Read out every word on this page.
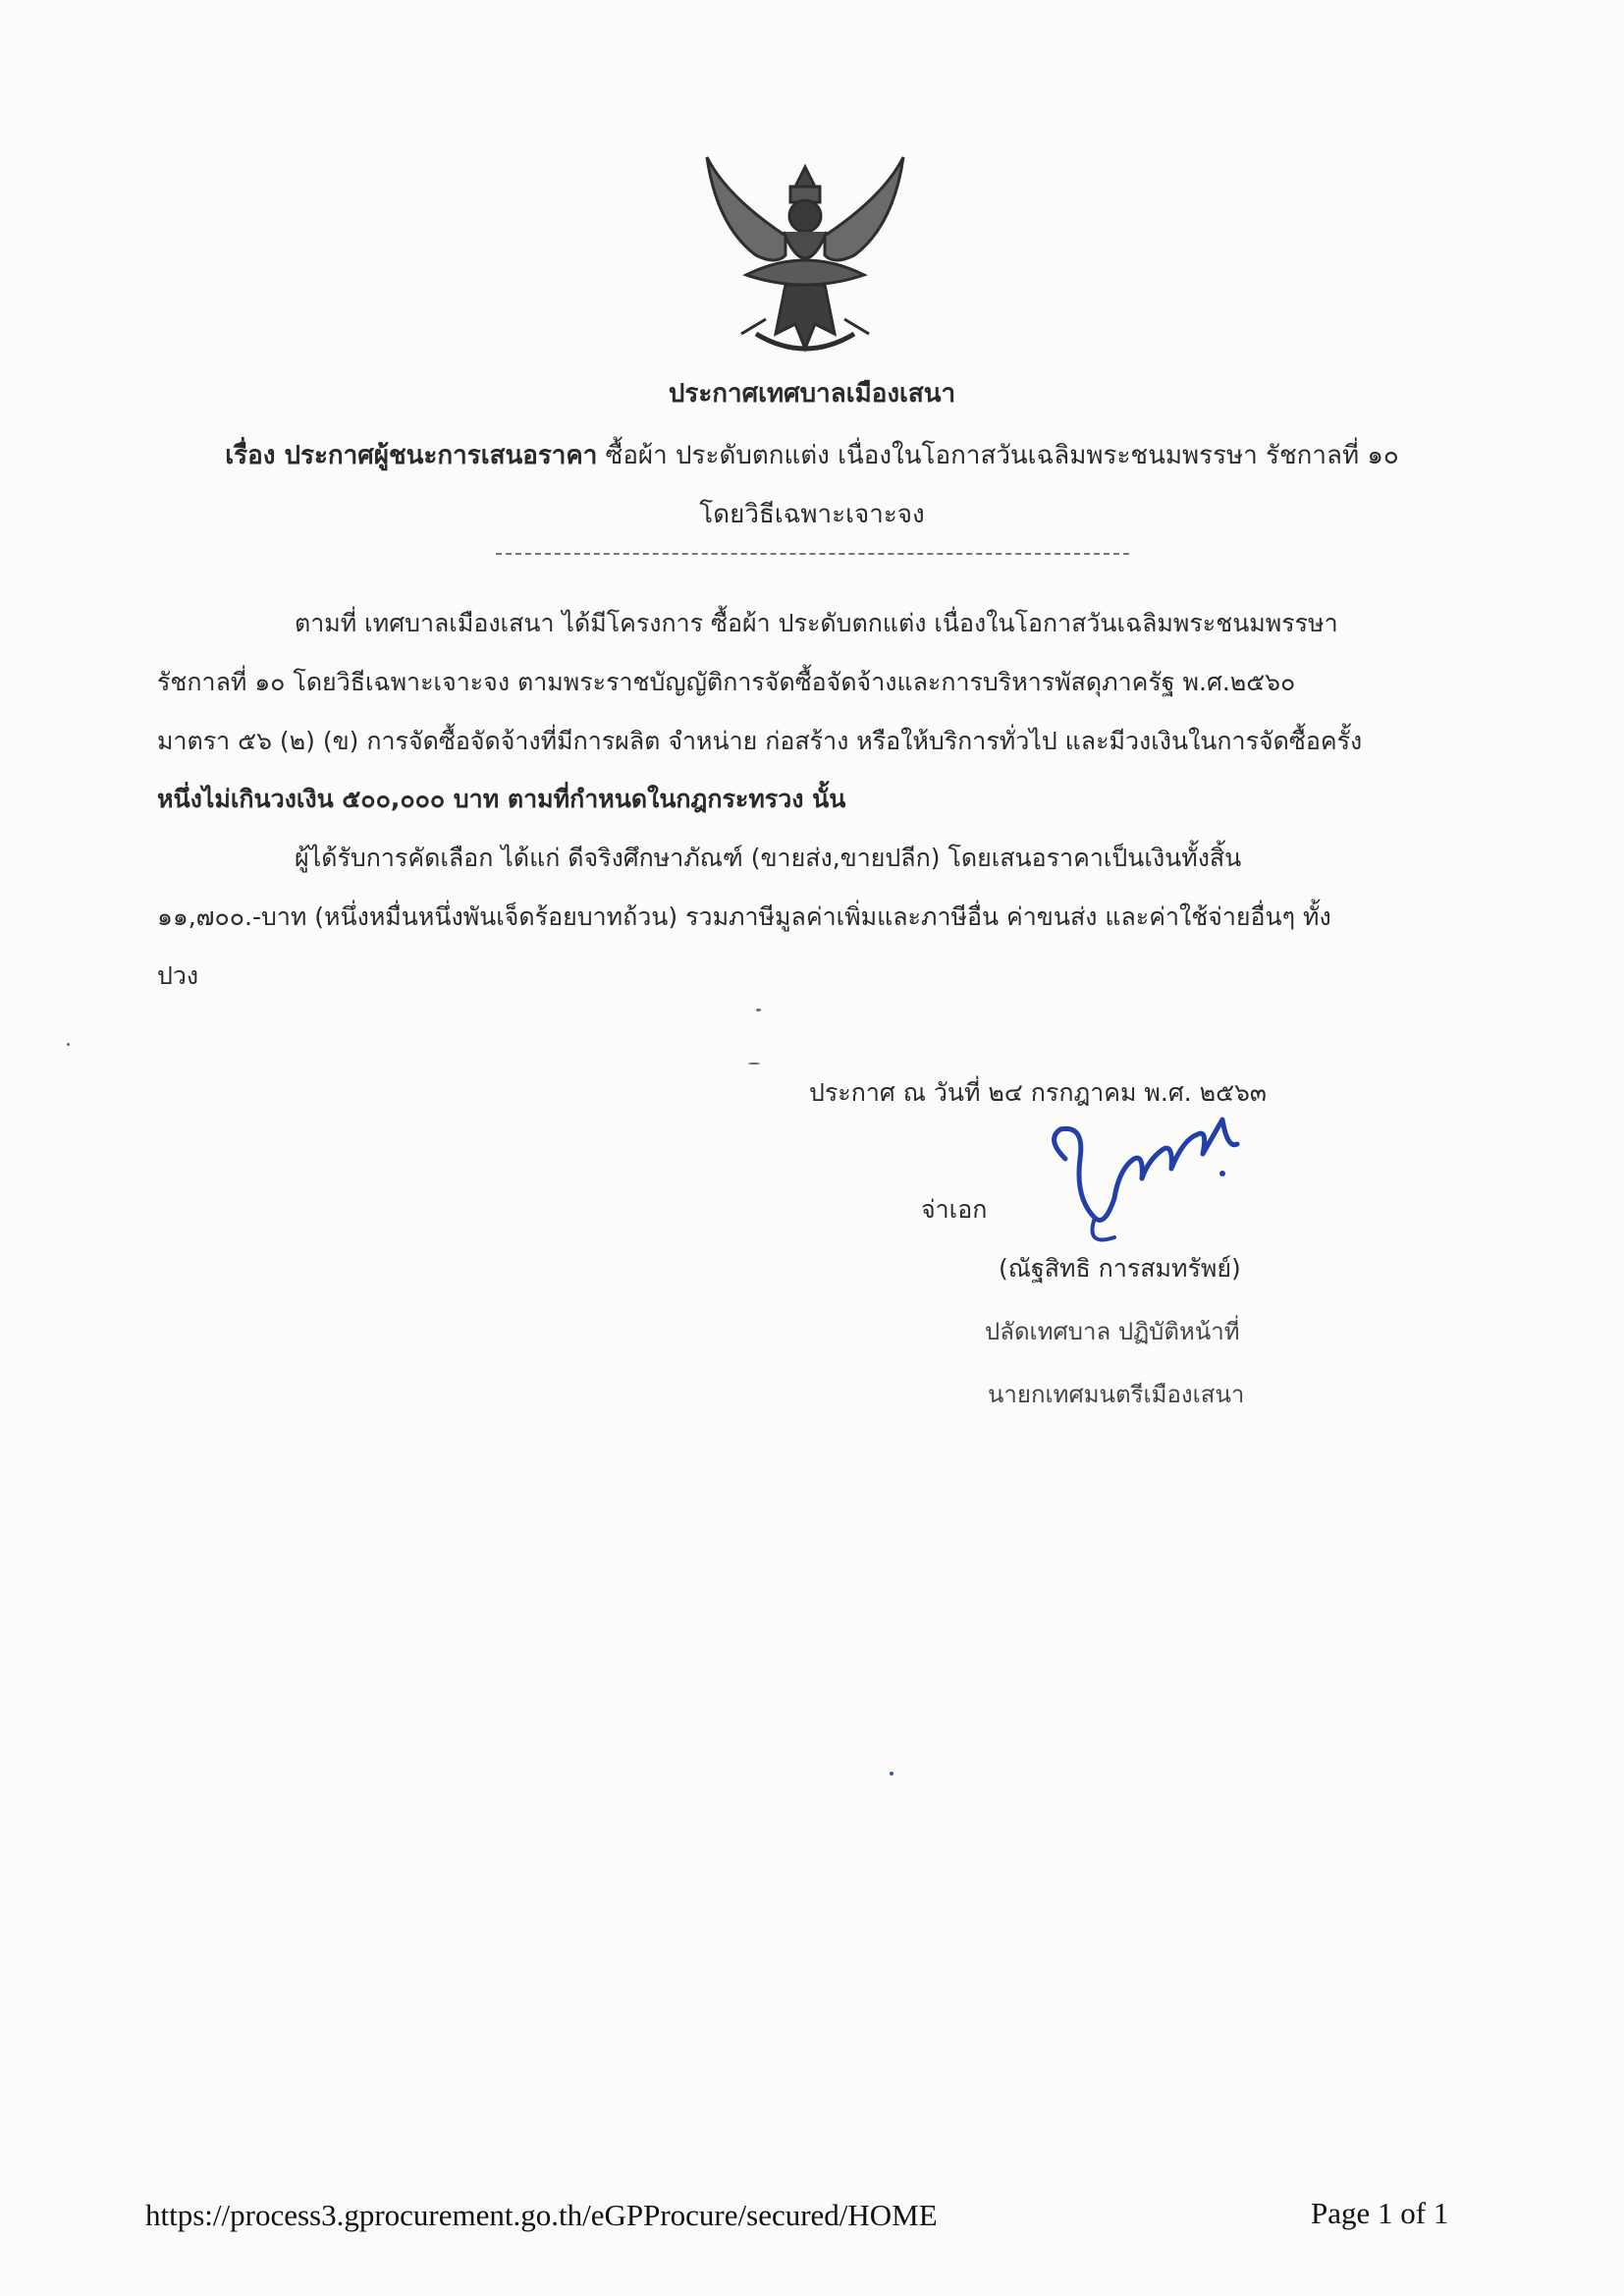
ประกาศเทศบาลเมืองเสนา
เรื่อง ประกาศผู้ชนะการเสนอราคา ซื้อผ้า ประดับตกแต่ง เนื่องในโอกาสวันเฉลิมพระชนมพรรษา รัชกาลที่ ๑๐
โดยวิธีเฉพาะเจาะจง
ตามที่ เทศบาลเมืองเสนา ได้มีโครงการ ซื้อผ้า ประดับตกแต่ง เนื่องในโอกาสวันเฉลิมพระชนมพรรษา
รัชกาลที่ ๑๐ โดยวิธีเฉพาะเจาะจง ตามพระราชบัญญัติการจัดซื้อจัดจ้างและการบริหารพัสดุภาครัฐ พ.ศ.๒๕๖๐
มาตรา ๕๖ (๒) (ข) การจัดซื้อจัดจ้างที่มีการผลิต จำหน่าย ก่อสร้าง หรือให้บริการทั่วไป และมีวงเงินในการจัดซื้อครั้ง
หนึ่งไม่เกินวงเงิน ๕๐๐,๐๐๐ บาท ตามที่กำหนดในกฎกระทรวง นั้น
ผู้ได้รับการคัดเลือก ได้แก่ ดีจริงศึกษาภัณฑ์ (ขายส่ง,ขายปลีก) โดยเสนอราคาเป็นเงินทั้งสิ้น
๑๑,๗๐๐.-บาท (หนึ่งหมื่นหนึ่งพันเจ็ดร้อยบาทถ้วน) รวมภาษีมูลค่าเพิ่มและภาษีอื่น ค่าขนส่ง และค่าใช้จ่ายอื่นๆ ทั้ง
ปวง
ประกาศ ณ วันที่ ๒๔ กรกฎาคม พ.ศ. ๒๕๖๓
จ่าเอก
(ณัฐสิทธิ การสมทรัพย์)
ปลัดเทศบาล ปฏิบัติหน้าที่
นายกเทศมนตรีเมืองเสนา
https://process3.gprocurement.go.th/eGPProcure/secured/HOME	Page 1 of 1
